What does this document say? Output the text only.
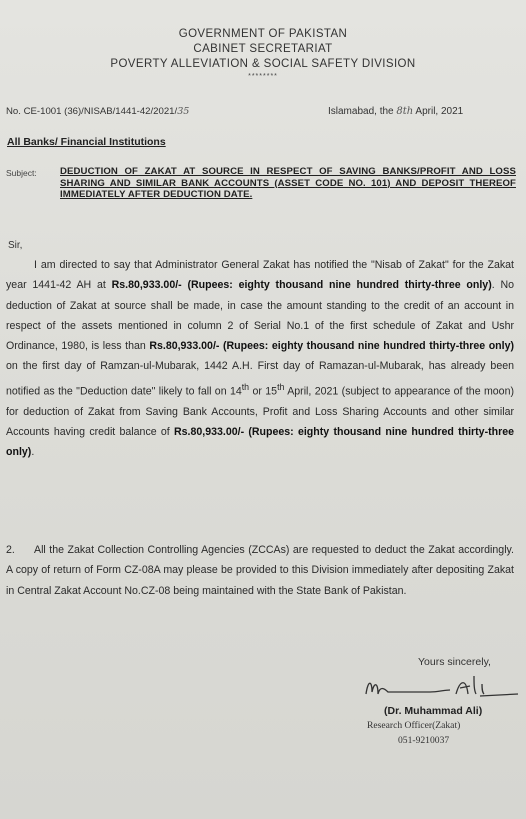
GOVERNMENT OF PAKISTAN
CABINET SECRETARIAT
POVERTY ALLEVIATION & SOCIAL SAFETY DIVISION
********
No. CE-1001 (36)/NISAB/1441-42/2021/35	Islamabad, the 8th April, 2021
All Banks/ Financial Institutions
Subject: DEDUCTION OF ZAKAT AT SOURCE IN RESPECT OF SAVING BANKS/PROFIT AND LOSS SHARING AND SIMILAR BANK ACCOUNTS (ASSET CODE NO. 101) AND DEPOSIT THEREOF IMMEDIATELY AFTER DEDUCTION DATE.
Sir,
I am directed to say that Administrator General Zakat has notified the "Nisab of Zakat" for the Zakat year 1441-42 AH at Rs.80,933.00/- (Rupees: eighty thousand nine hundred thirty-three only). No deduction of Zakat at source shall be made, in case the amount standing to the credit of an account in respect of the assets mentioned in column 2 of Serial No.1 of the first schedule of Zakat and Ushr Ordinance, 1980, is less than Rs.80,933.00/- (Rupees: eighty thousand nine hundred thirty-three only) on the first day of Ramzan-ul-Mubarak, 1442 A.H. First day of Ramazan-ul-Mubarak, has already been notified as the "Deduction date" likely to fall on 14th or 15th April, 2021 (subject to appearance of the moon) for deduction of Zakat from Saving Bank Accounts, Profit and Loss Sharing Accounts and other similar Accounts having credit balance of Rs.80,933.00/- (Rupees: eighty thousand nine hundred thirty-three only).
2. All the Zakat Collection Controlling Agencies (ZCCAs) are requested to deduct the Zakat accordingly. A copy of return of Form CZ-08A may please be provided to this Division immediately after depositing Zakat in Central Zakat Account No.CZ-08 being maintained with the State Bank of Pakistan.
Yours sincerely,
(Dr. Muhammad Ali)
Research Officer(Zakat)
051-9210037
